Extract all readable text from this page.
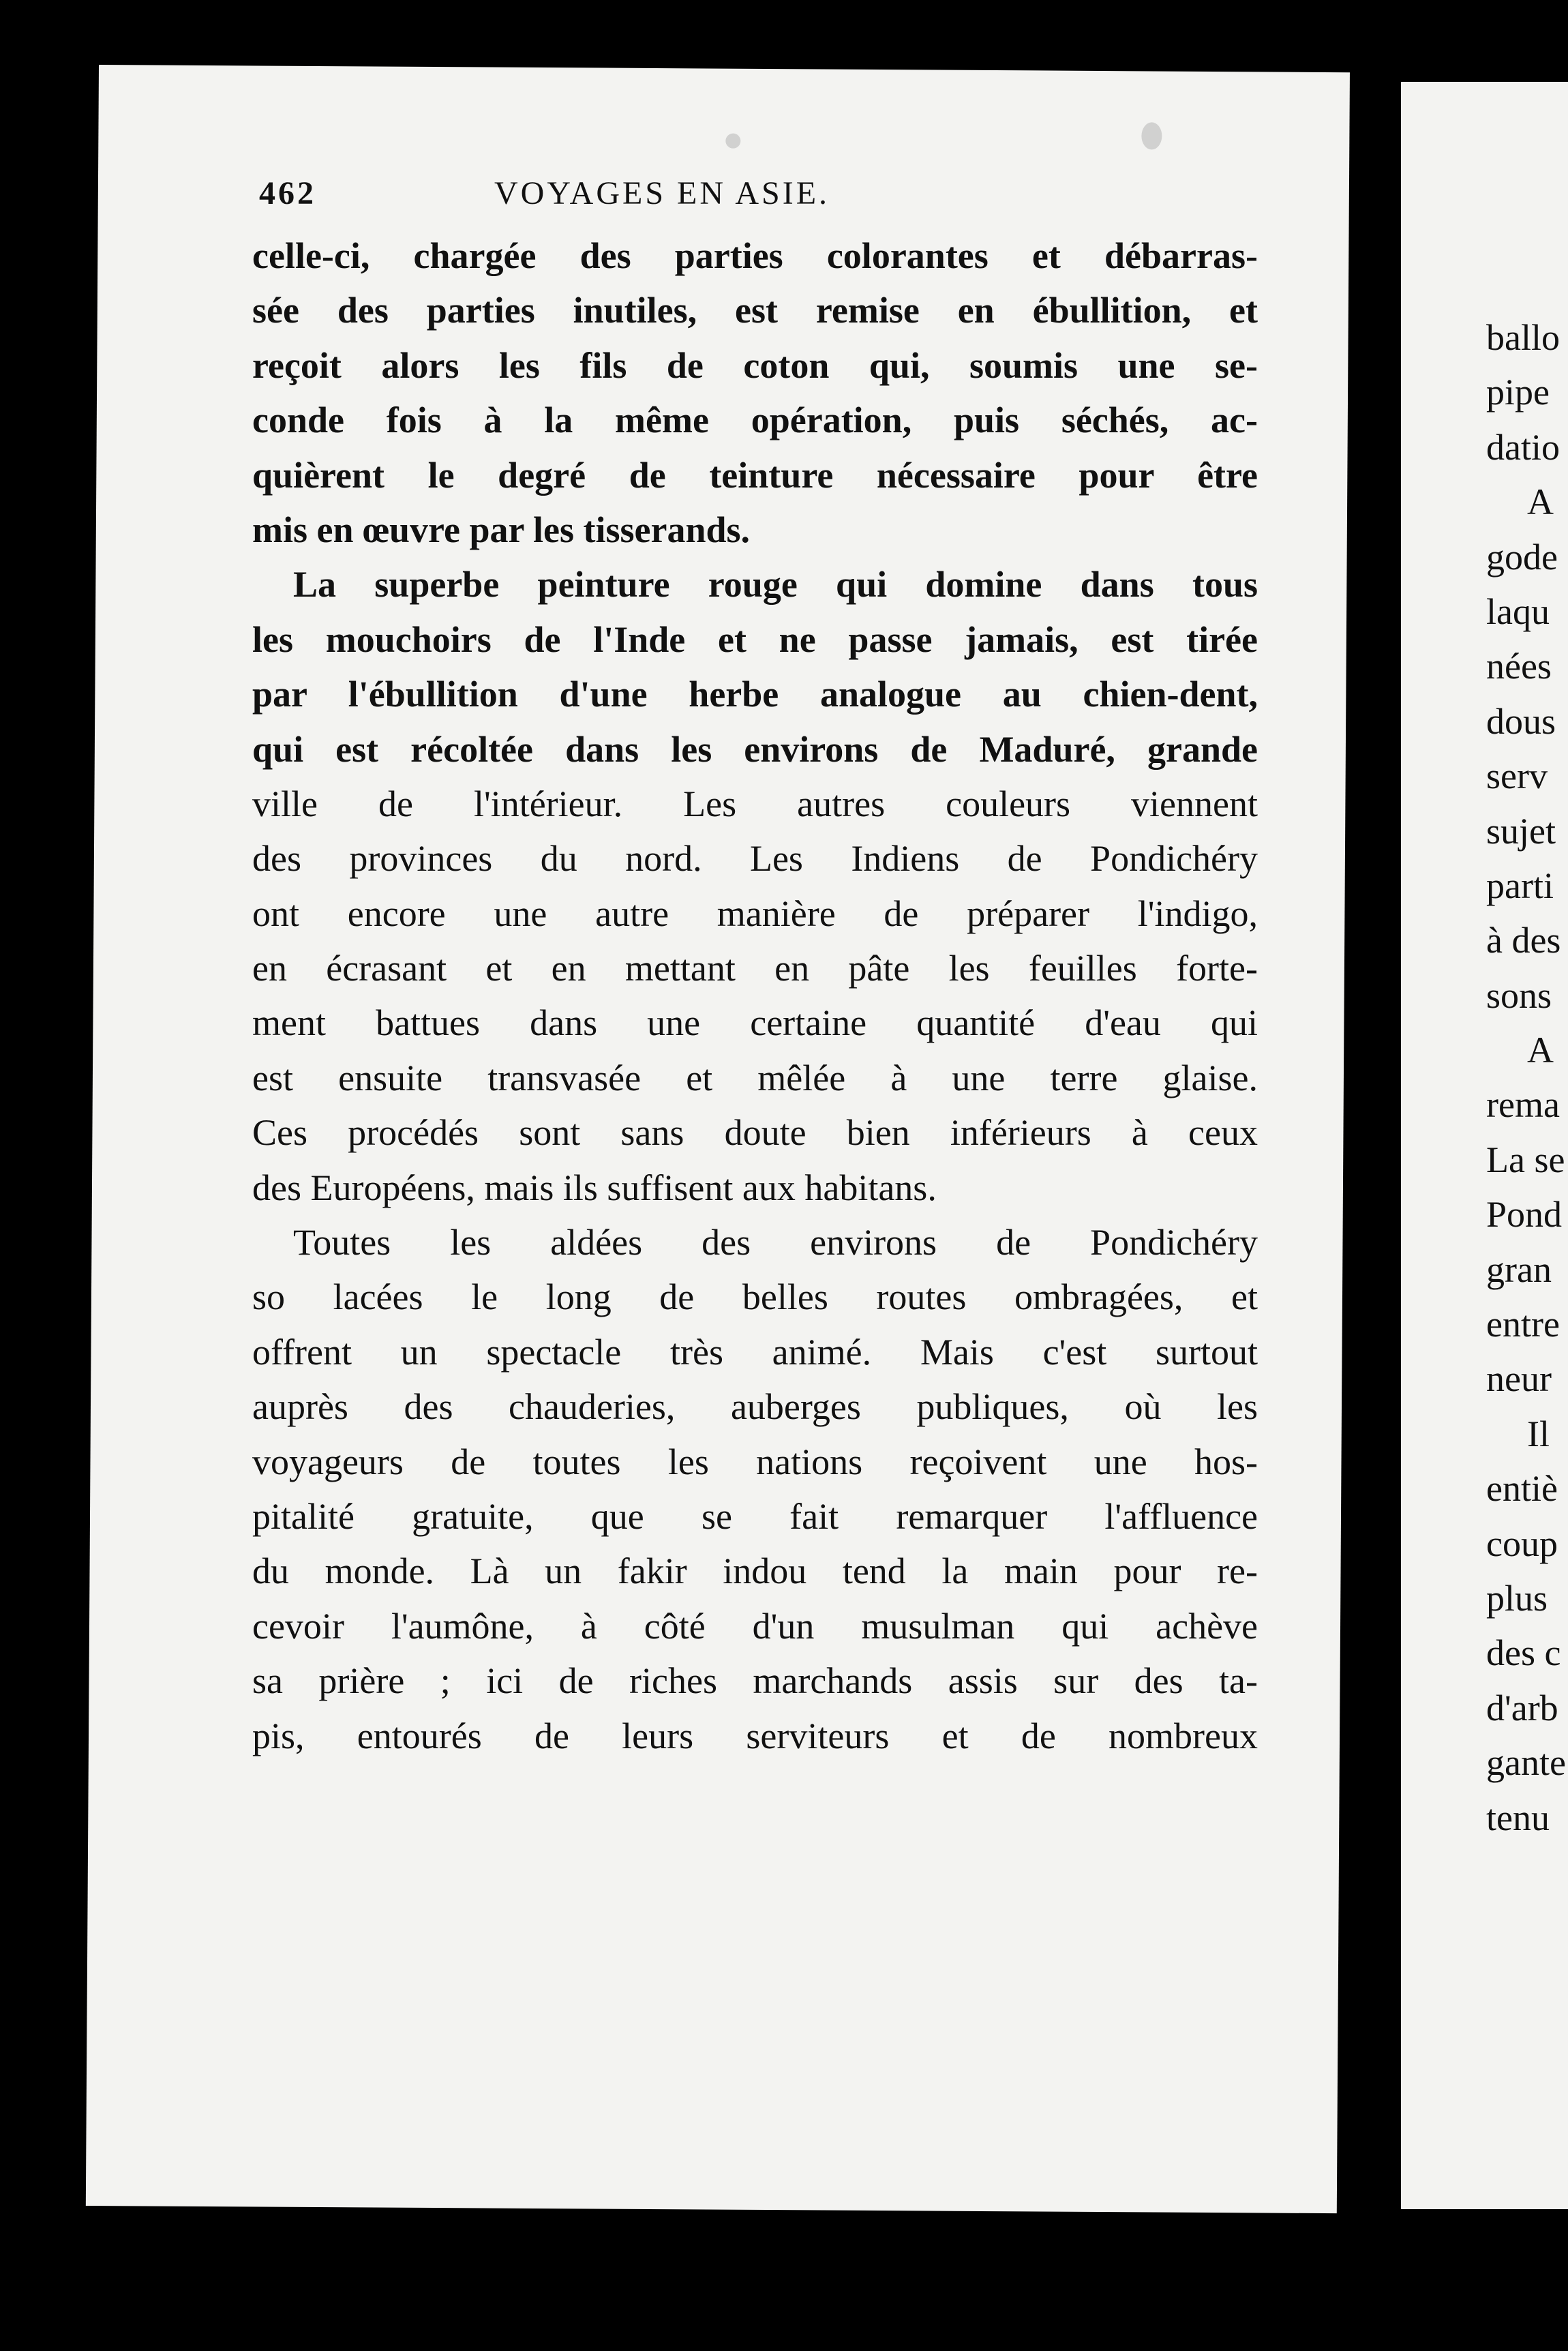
462	VOYAGES EN ASIE.
celle-ci, chargée des parties colorantes et débarras-
sée des parties inutiles, est remise en ébullition, et
reçoit alors les fils de coton qui, soumis une se-
conde fois à la même opération, puis séchés, ac-
quièrent le degré de teinture nécessaire pour être
mis en œuvre par les tisserands.
La superbe peinture rouge qui domine dans tous
les mouchoirs de l'Inde et ne passe jamais, est tirée
par l'ébullition d'une herbe analogue au chien-dent,
qui est récoltée dans les environs de Maduré, grande
ville de l'intérieur. Les autres couleurs viennent
des provinces du nord. Les Indiens de Pondichéry
ont encore une autre manière de préparer l'indigo,
en écrasant et en mettant en pâte les feuilles forte-
ment battues dans une certaine quantité d'eau qui
est ensuite transvasée et mêlée à une terre glaise.
Ces procédés sont sans doute bien inférieurs à ceux
des Européens, mais ils suffisent aux habitans.
Toutes les aldées des environs de Pondichéry
so lacées le long de belles routes ombragées, et
offrent un spectacle très animé. Mais c'est surtout
auprès des chauderies, auberges publiques, où les
voyageurs de toutes les nations reçoivent une hos-
pitalité gratuite, que se fait remarquer l'affluence
du monde. Là un fakir indou tend la main pour re-
cevoir l'aumône, à côté d'un musulman qui achève
sa prière ; ici de riches marchands assis sur des ta-
pis, entourés de leurs serviteurs et de nombreux
ballo
pipe
datio
A
gode
laqu
nées
dous
serv
sujet
parti
à des
sons
A
rema
La se
Pond
gran
entre
neur
Il
entiè
coup
plus
des c
d'arb
gante
tenu
